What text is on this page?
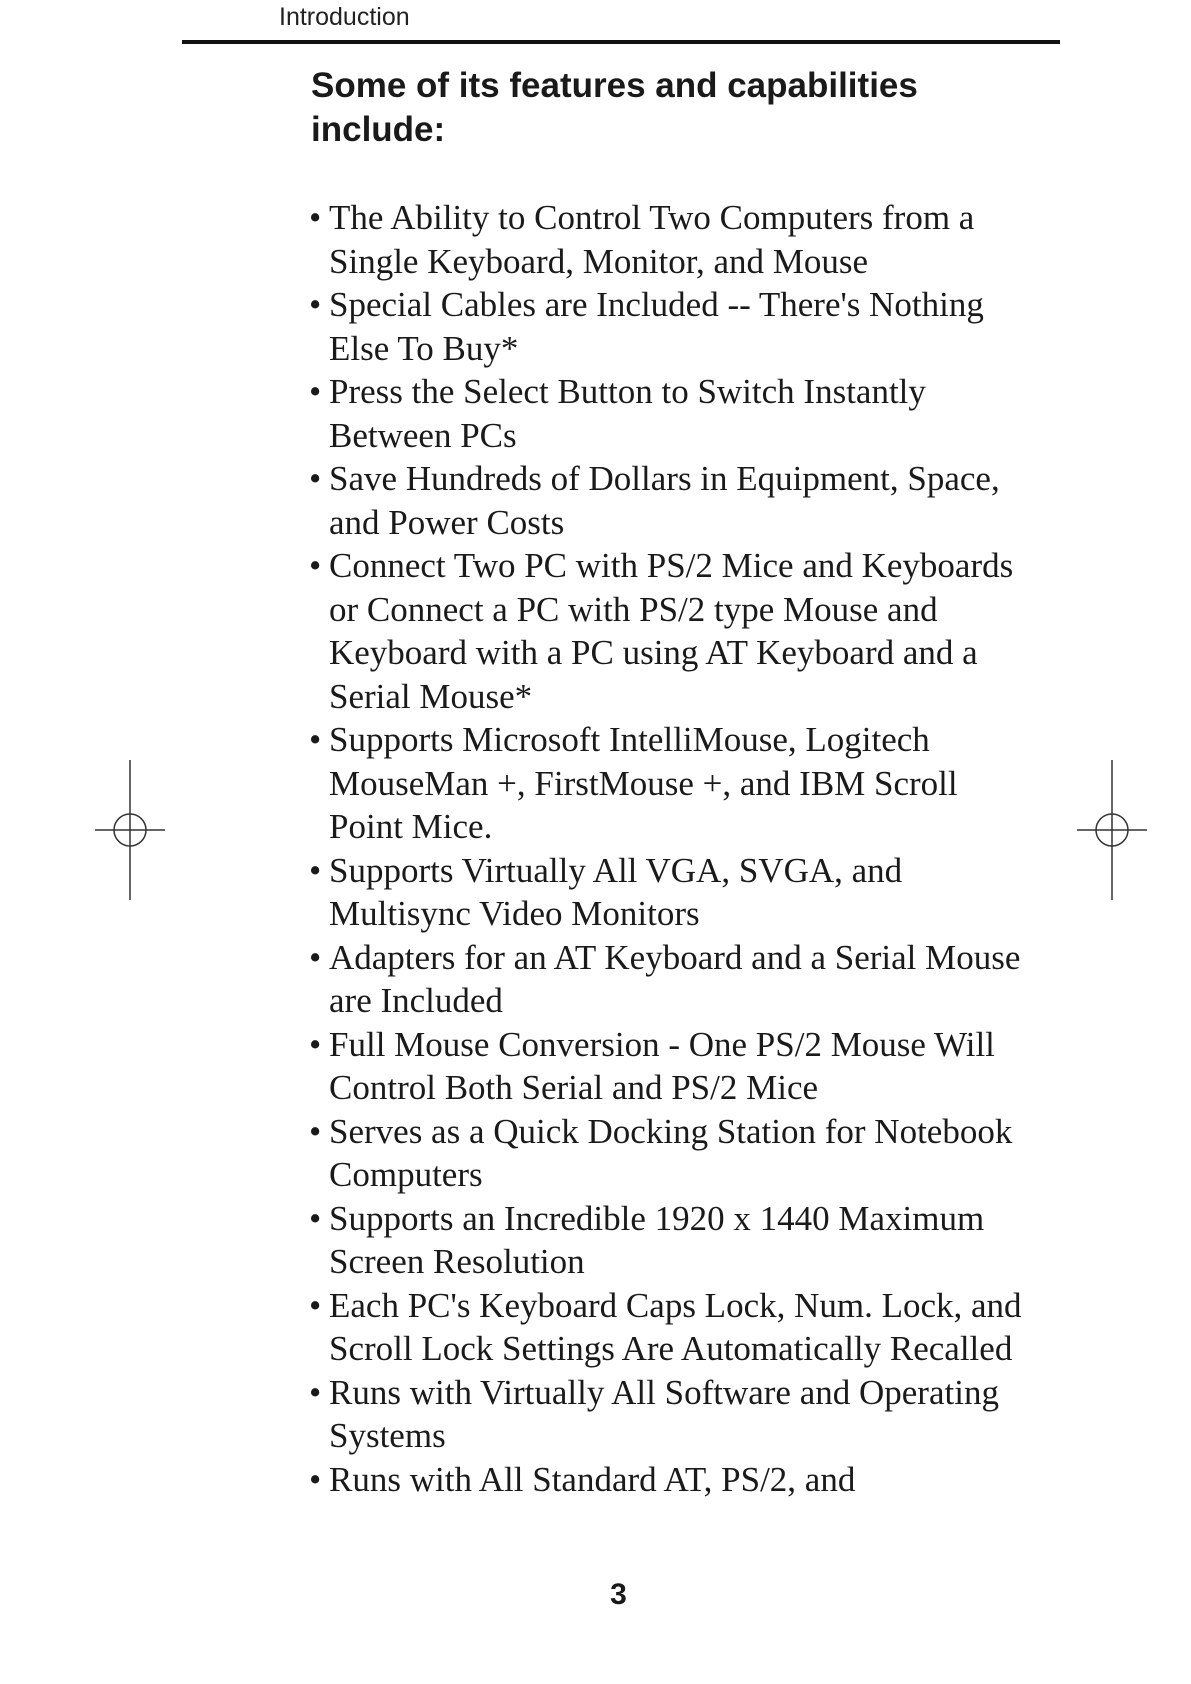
Introduction
Some of its features and capabilities include:
• The Ability to Control Two Computers from a Single Keyboard, Monitor, and Mouse
• Special Cables are Included -- There's Nothing Else To Buy*
• Press the Select Button to Switch Instantly Between PCs
• Save Hundreds of Dollars in Equipment, Space, and Power Costs
• Connect Two PC with PS/2 Mice and Keyboards or Connect a PC with PS/2 type Mouse and Keyboard with a PC using AT Keyboard and a Serial Mouse*
• Supports Microsoft IntelliMouse, Logitech MouseMan +, FirstMouse +, and IBM Scroll Point Mice.
• Supports Virtually All VGA, SVGA, and Multisync Video Monitors
• Adapters for an AT Keyboard and a Serial Mouse are Included
• Full Mouse Conversion - One PS/2 Mouse Will Control Both Serial and PS/2 Mice
• Serves as a Quick Docking Station for Notebook Computers
• Supports an Incredible 1920 x 1440 Maximum Screen Resolution
• Each PC's Keyboard Caps Lock, Num. Lock, and Scroll Lock Settings Are Automatically Recalled
• Runs with Virtually All Software and Operating Systems
• Runs with All Standard AT, PS/2, and
3
